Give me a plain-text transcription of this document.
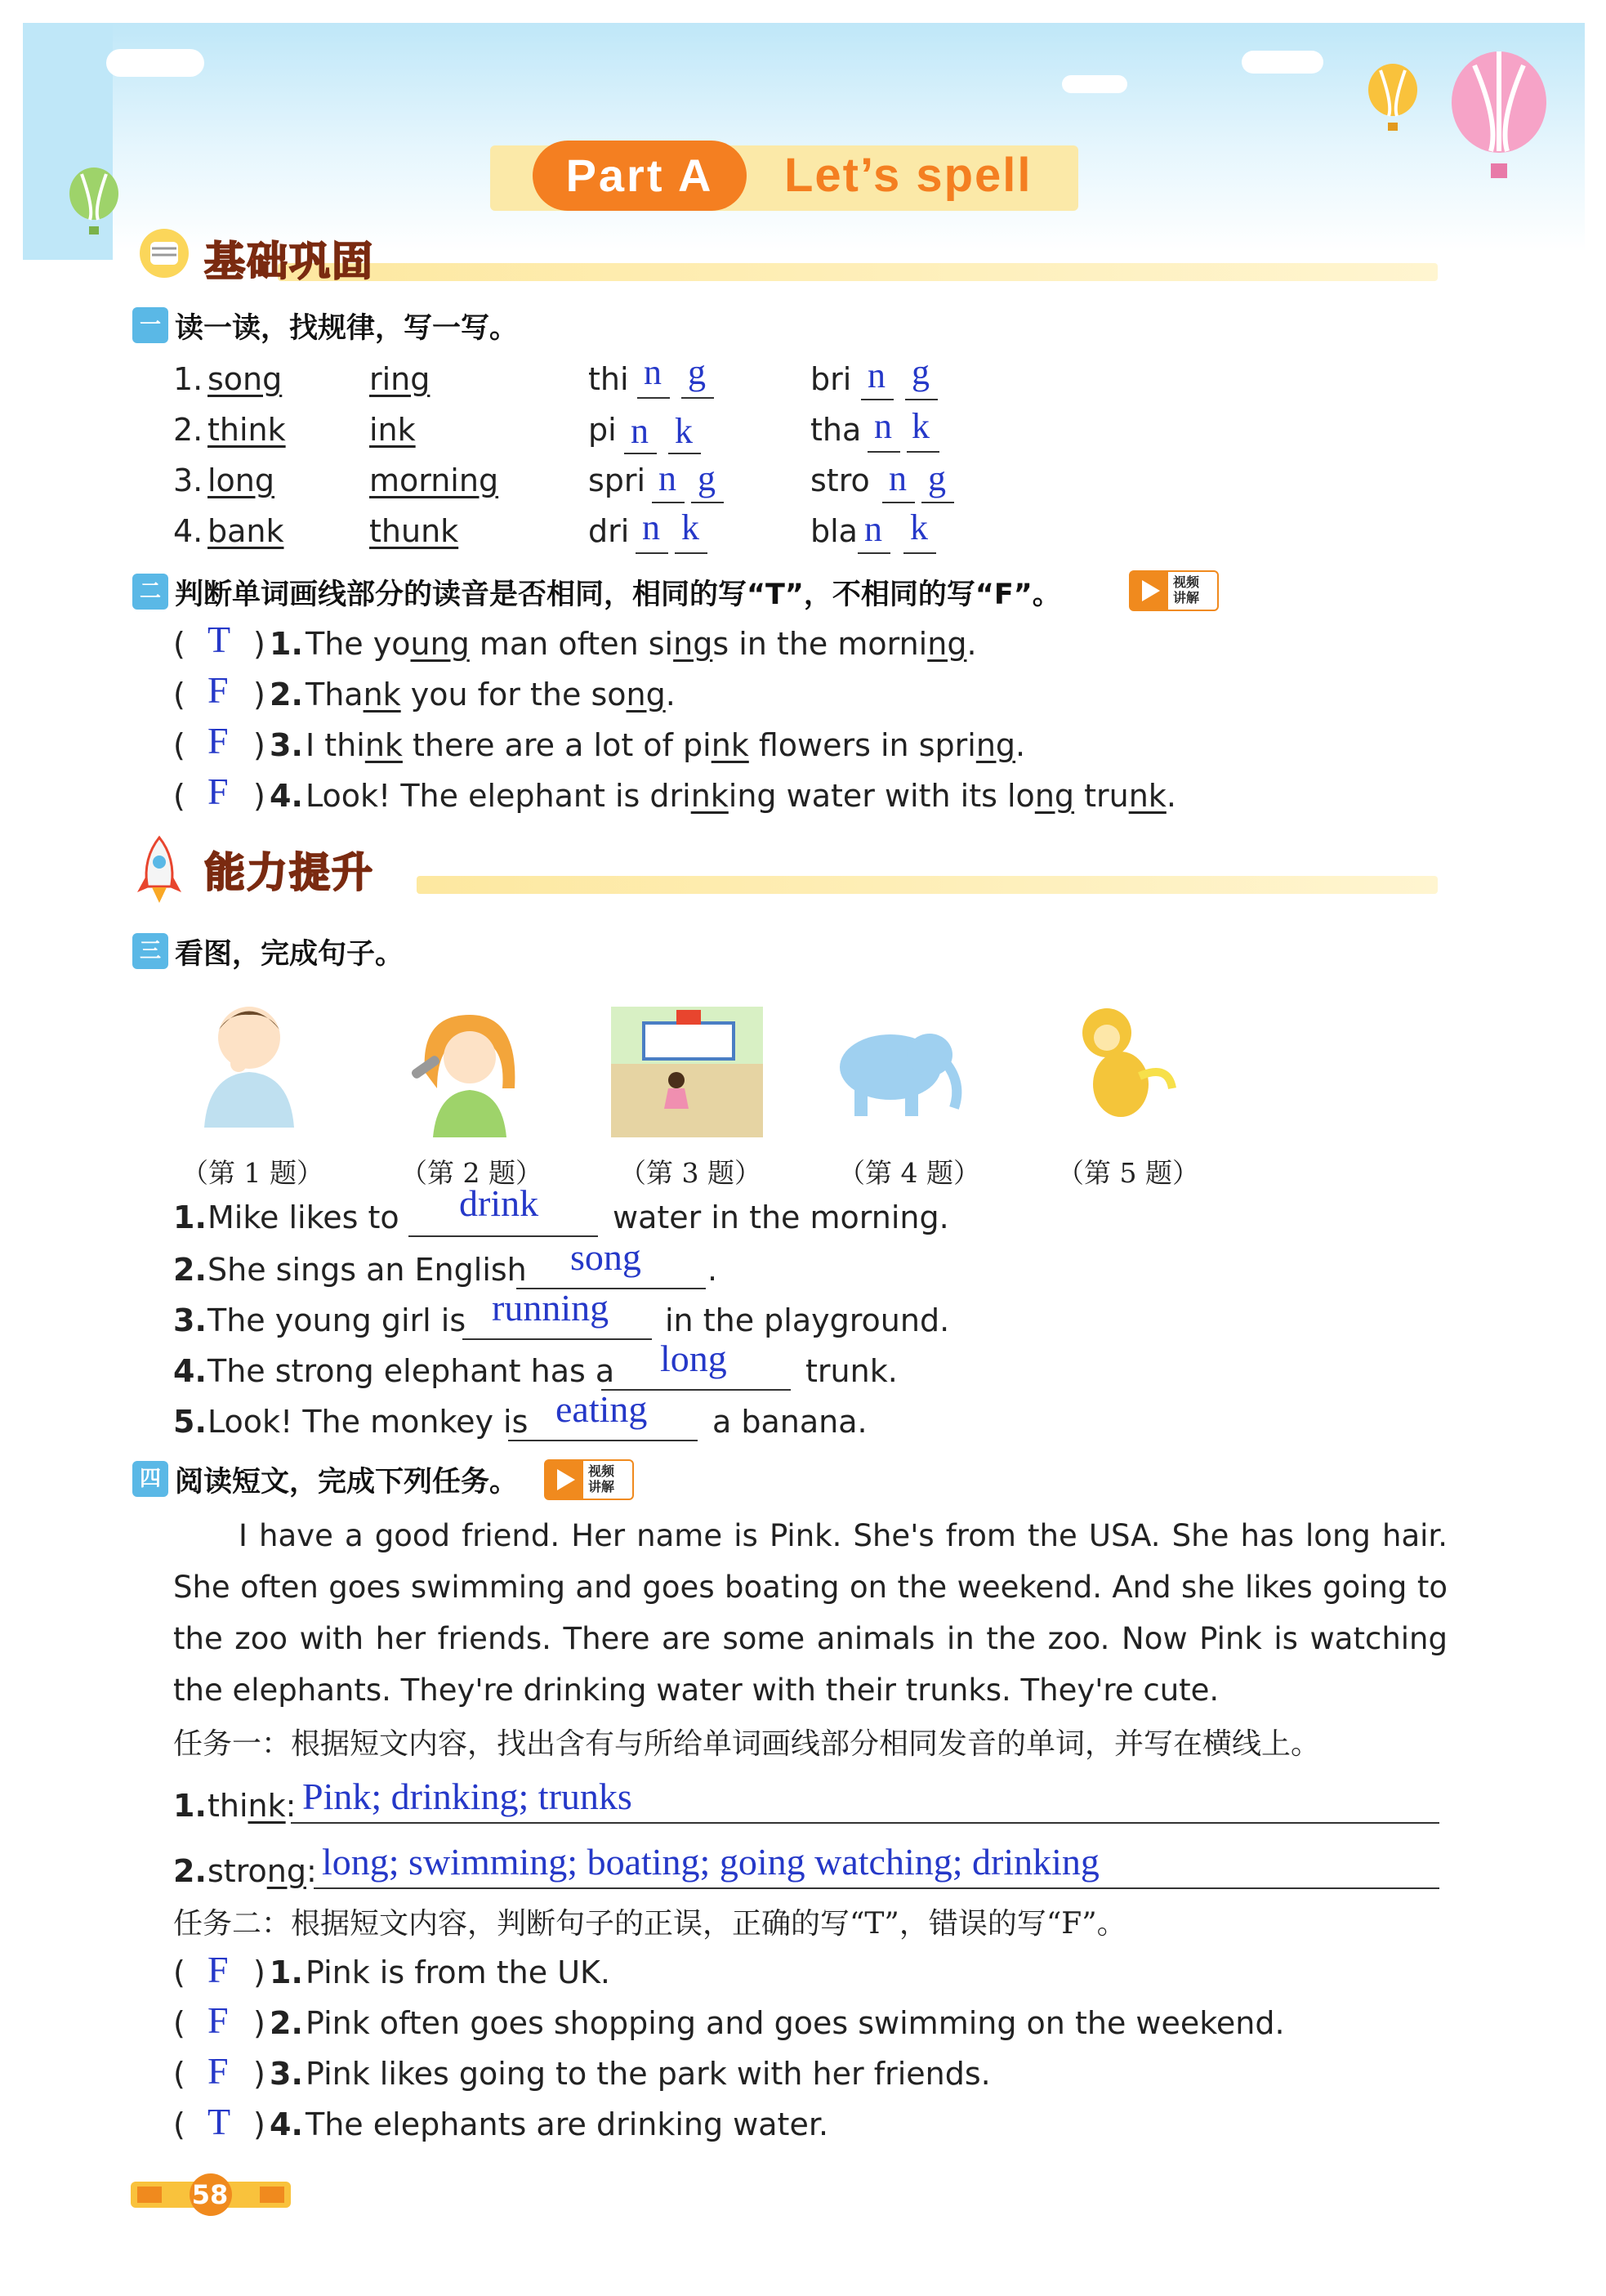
Part A	Let’s spell
基础巩固
一 读一读，找规律，写一写。
1. song	ring	thi n g	bri n g
2. think	ink	pi n k	tha n k
3. long	morning	spri n g	stro n g
4. bank	thunk	dri n k	bla n k
二 判断单词画线部分的读音是否相同，相同的写“T”，不相同的写“F”。	视频
讲解
( T ) 1. The young man often sings in the morning.
( F ) 2. Thank you for the song.
( F ) 3. I think there are a lot of pink flowers in spring.
( F ) 4. Look! The elephant is drinking water with its long trunk.
能力提升
三 看图，完成句子。
（第 1 题）	（第 2 题）	（第 3 题）	（第 4 题）	（第 5 题）
1. Mike likes to drink water in the morning.
2. She sings an English song .
3. The young girl is running in the playground.
4. The strong elephant has a long	trunk.
5. Look! The monkey is eating a banana.
四 阅读短文，完成下列任务。	视频
讲解
I have a good friend. Her name is Pink. She's from the USA. She has long hair. She often goes swimming and goes boating on the weekend. And she likes going to the zoo with her friends. There are some animals in the zoo. Now Pink is watching the elephants. They're drinking water with their trunks. They're cute.
任务一：根据短文内容，找出含有与所给单词画线部分相同发音的单词，并写在横线上。
1. think: Pink; drinking; trunks
2. strong: long; swimming; boating; going watching; drinking
任务二：根据短文内容，判断句子的正误，正确的写“T”，错误的写“F”。
( F ) 1. Pink is from the UK.
( F ) 2. Pink often goes shopping and goes swimming on the weekend.
( F ) 3. Pink likes going to the park with her friends.
( T ) 4. The elephants are drinking water.
58
